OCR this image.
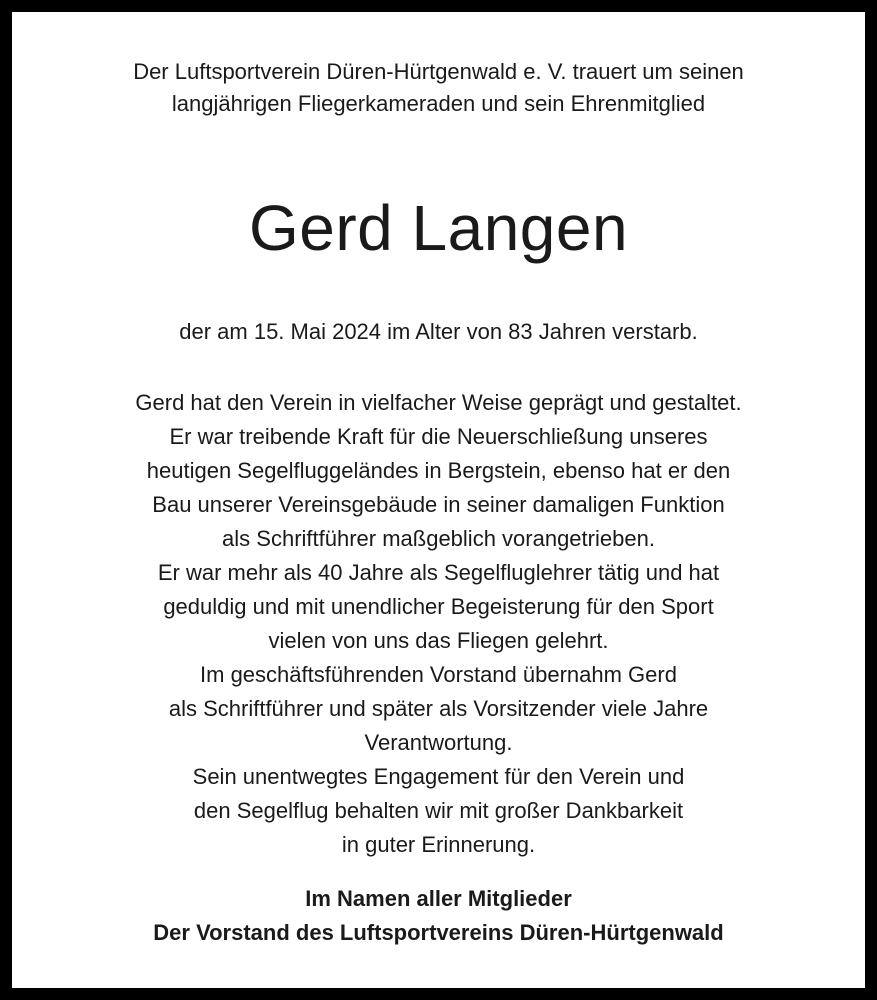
Der Luftsportverein Düren-Hürtgenwald e. V. trauert um seinen
langjährigen Fliegerkameraden und sein Ehrenmitglied
Gerd Langen
der am 15. Mai 2024 im Alter von 83 Jahren verstarb.
Gerd hat den Verein in vielfacher Weise geprägt und gestaltet.
Er war treibende Kraft für die Neuerschließung unseres
heutigen Segelfluggeländes in Bergstein, ebenso hat er den
Bau unserer Vereinsgebäude in seiner damaligen Funktion
als Schriftführer maßgeblich vorangetrieben.
Er war mehr als 40 Jahre als Segelfluglehrer tätig und hat
geduldig und mit unendlicher Begeisterung für den Sport
vielen von uns das Fliegen gelehrt.
Im geschäftsführenden Vorstand übernahm Gerd
als Schriftführer und später als Vorsitzender viele Jahre
Verantwortung.
Sein unentwegtes Engagement für den Verein und
den Segelflug behalten wir mit großer Dankbarkeit
in guter Erinnerung.
Im Namen aller Mitglieder
Der Vorstand des Luftsportvereins Düren-Hürtgenwald
